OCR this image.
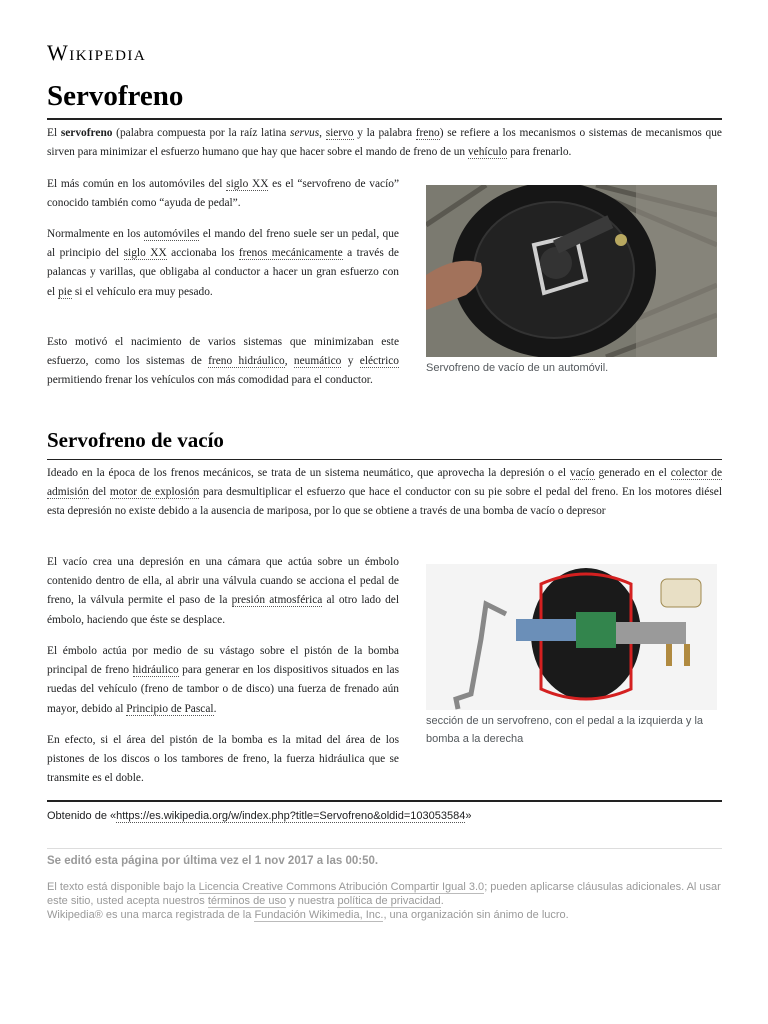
Wikipedia
Servofreno

El servofreno (palabra compuesta por la raíz latina servus, siervo y la palabra freno) se refiere a los mecanismos o sistemas de mecanismos que sirven para minimizar el esfuerzo humano que hay que hacer sobre el mando de freno de un vehículo para frenarlo.

El más común en los automóviles del siglo XX es el “servofreno de vacío” conocido también como “ayuda de pedal”.

Normalmente en los automóviles el mando del freno suele ser un pedal, que al principio del siglo XX accionaba los frenos mecánicamente a través de palancas y varillas, que obligaba al conductor a hacer un gran esfuerzo con el pie si el vehículo era muy pesado.

Esto motivó el nacimiento de varios sistemas que minimizaban este esfuerzo, como los sistemas de freno hidráulico, neumático y eléctrico permitiendo frenar los vehículos con más comodidad para el conductor.

Servofreno de vacío de un automóvil.
Servofreno de vacío

Ideado en la época de los frenos mecánicos, se trata de un sistema neumático, que aprovecha la depresión o el vacío generado en el colector de admisión del motor de explosión para desmultiplicar el esfuerzo que hace el conductor con su pie sobre el pedal del freno. En los motores diésel esta depresión no existe debido a la ausencia de mariposa, por lo que se obtiene a través de una bomba de vacío o depresor

El vacío crea una depresión en una cámara que actúa sobre un émbolo contenido dentro de ella, al abrir una válvula cuando se acciona el pedal de freno, la válvula permite el paso de la presión atmosférica al otro lado del émbolo, haciendo que éste se desplace.

El émbolo actúa por medio de su vástago sobre el pistón de la bomba principal de freno hidráulico para generar en los dispositivos situados en las ruedas del vehículo (freno de tambor o de disco) una fuerza de frenado aún mayor, debido al Principio de Pascal.

En efecto, si el área del pistón de la bomba es la mitad del área de los pistones de los discos o los tambores de freno, la fuerza hidráulica que se transmite es el doble.

sección de un servofreno, con el pedal a la izquierda y la bomba a la derecha
Obtenido de «https://es.wikipedia.org/w/index.php?title=Servofreno&oldid=103053584»
Se editó esta página por última vez el 1 nov 2017 a las 00:50.
El texto está disponible bajo la Licencia Creative Commons Atribución Compartir Igual 3.0; pueden aplicarse cláusulas adicionales. Al usar este sitio, usted acepta nuestros términos de uso y nuestra política de privacidad.
Wikipedia® es una marca registrada de la Fundación Wikimedia, Inc., una organización sin ánimo de lucro.
